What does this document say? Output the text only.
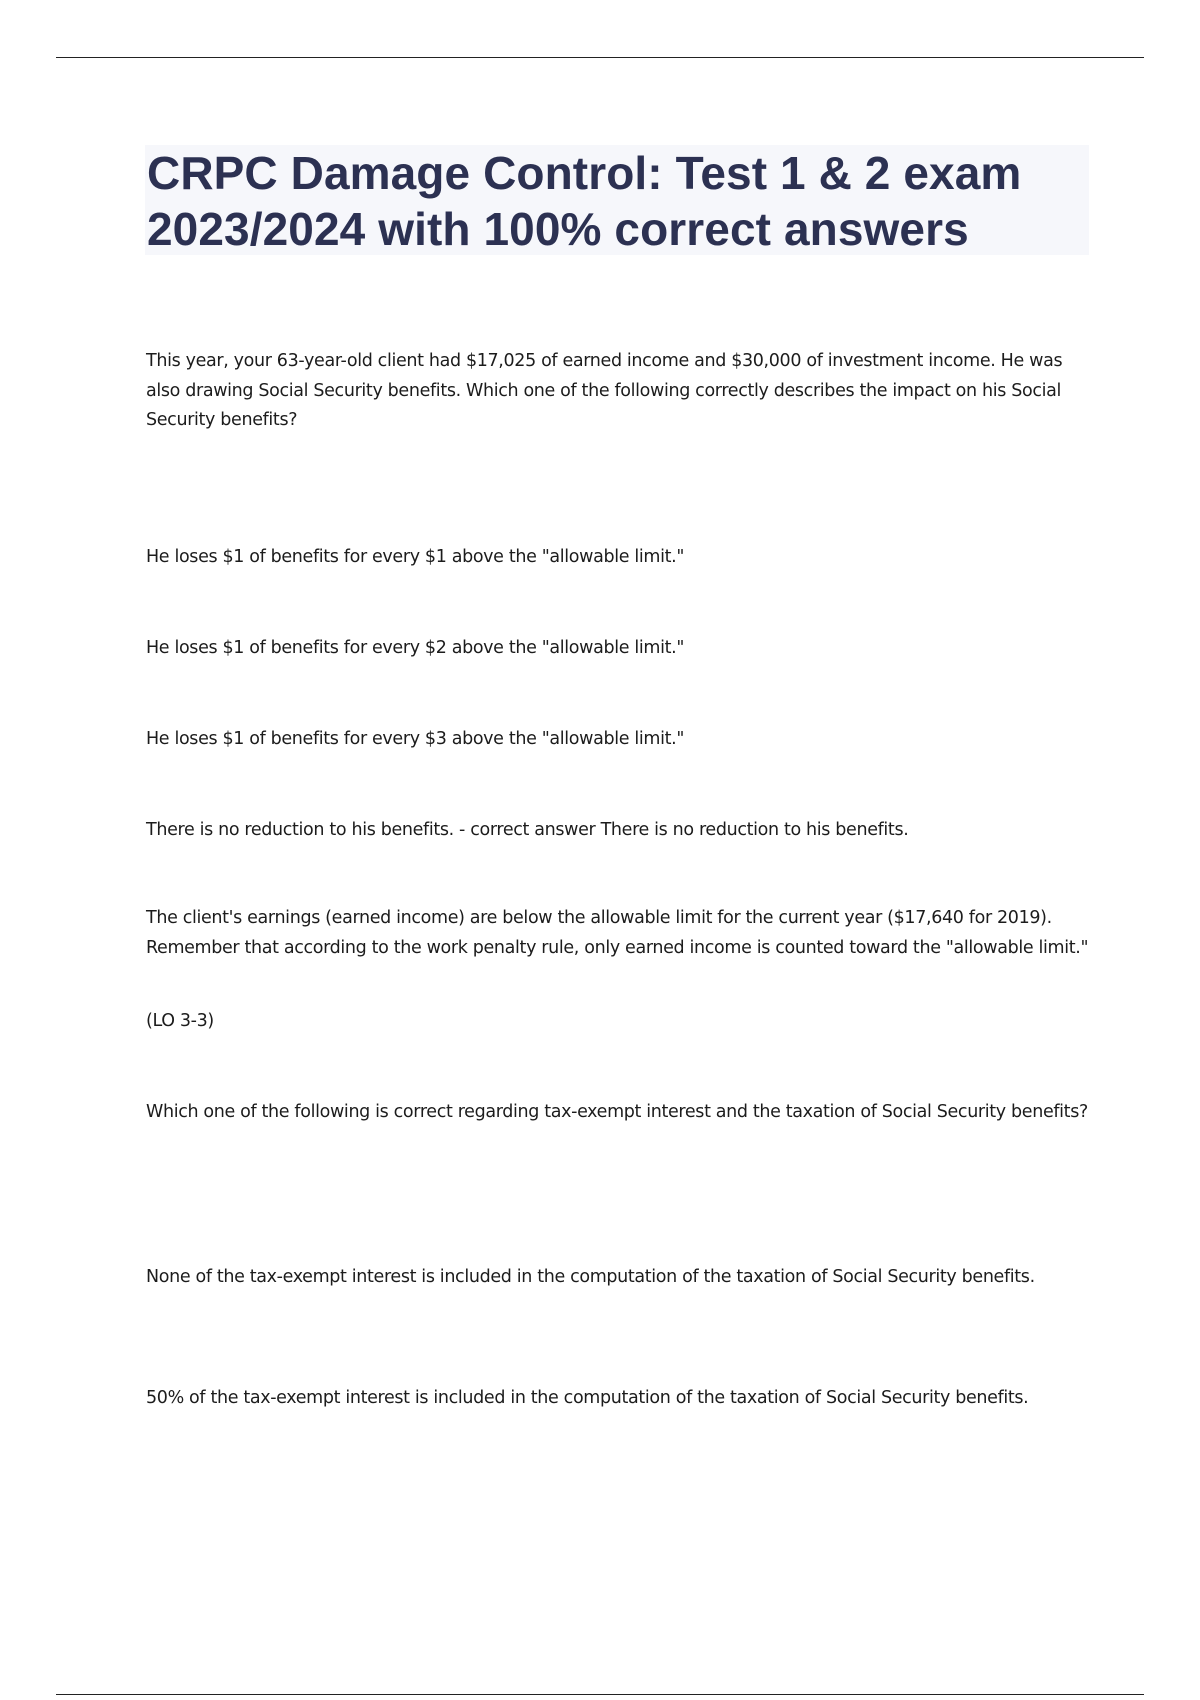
CRPC Damage Control: Test 1 & 2 exam 2023/2024 with 100% correct answers

This year, your 63-year-old client had $17,025 of earned income and $30,000 of investment income. He was also drawing Social Security benefits. Which one of the following correctly describes the impact on his Social Security benefits?

He loses $1 of benefits for every $1 above the "allowable limit."

He loses $1 of benefits for every $2 above the "allowable limit."

He loses $1 of benefits for every $3 above the "allowable limit."

There is no reduction to his benefits. - correct answer There is no reduction to his benefits.

The client's earnings (earned income) are below the allowable limit for the current year ($17,640 for 2019). Remember that according to the work penalty rule, only earned income is counted toward the "allowable limit."

(LO 3-3)

Which one of the following is correct regarding tax-exempt interest and the taxation of Social Security benefits?

None of the tax-exempt interest is included in the computation of the taxation of Social Security benefits.

50% of the tax-exempt interest is included in the computation of the taxation of Social Security benefits.
